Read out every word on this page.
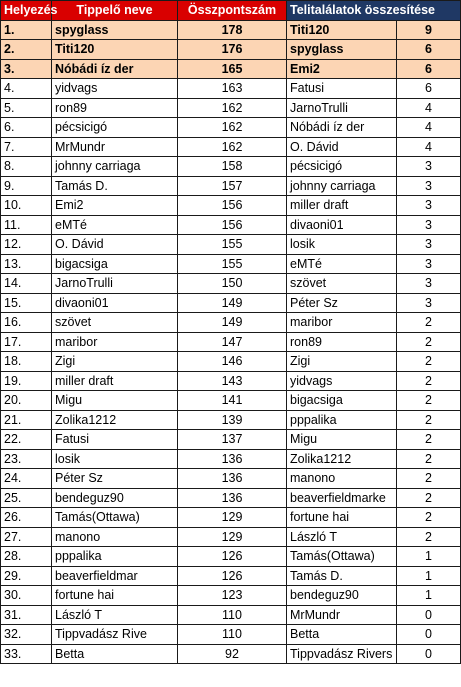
Helyezés	Tippelő neve	Összpontszám	Telitalálatok összesítése	
1.	spyglass	178	Titi120	9
2.	Titi120	176	spyglass	6
3.	Nóbádi íz der	165	Emi2	6
4.	yidvags	163	Fatusi	6
5.	ron89	162	JarnoTrulli	4
6.	pécsicigó	162	Nóbádi íz der	4
7.	MrMundr	162	O. Dávid	4
8.	johnny carriaga	158	pécsicigó	3
9.	Tamás D.	157	johnny carriaga	3
10.	Emi2	156	miller draft	3
11.	eMTé	156	divaoni01	3
12.	O. Dávid	155	losik	3
13.	bigacsiga	155	eMTé	3
14.	JarnoTrulli	150	szövet	3
15.	divaoni01	149	Péter Sz	3
16.	szövet	149	maribor	2
17.	maribor	147	ron89	2
18.	Zigi	146	Zigi	2
19.	miller draft	143	yidvags	2
20.	Migu	141	bigacsiga	2
21.	Zolika1212	139	pppalika	2
22.	Fatusi	137	Migu	2
23.	losik	136	Zolika1212	2
24.	Péter Sz	136	manono	2
25.	bendeguz90	136	beaverfieldmarke	2
26.	Tamás(Ottawa)	129	fortune hai	2
27.	manono	129	László T	2
28.	pppalika	126	Tamás(Ottawa)	1
29.	beaverfieldmar	126	Tamás D.	1
30.	fortune hai	123	bendeguz90	1
31.	László T	110	MrMundr	0
32.	Tippvadász Rive	110	Betta	0
33.	Betta	92	Tippvadász Rivers	0
